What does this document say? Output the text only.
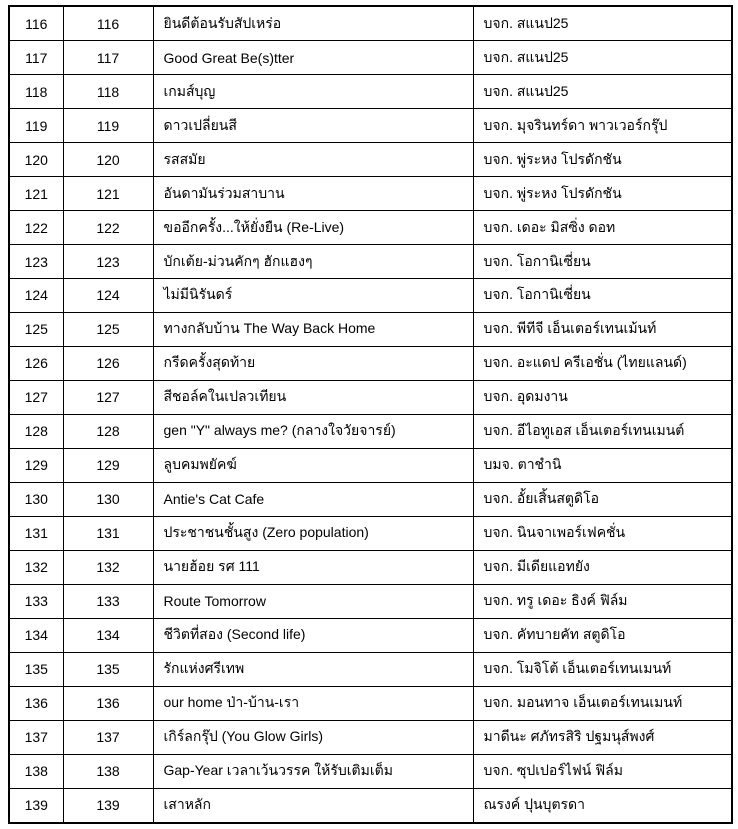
116	116	ยินดีต้อนรับสัปเหร่อ	บจก. สแนป25
117	117	Good Great Be(s)tter	บจก. สแนป25
118	118	เกมส์บุญ	บจก. สแนป25
119	119	ดาวเปลี่ยนสี	บจก. มุจรินทร์ดา พาวเวอร์กรุ๊ป
120	120	รสสมัย	บจก. พู่ระหง โปรดักชัน
121	121	อันดามันร่วมสาบาน	บจก. พู่ระหง โปรดักชัน
122	122	ขออีกครั้ง...ให้ยั่งยืน (Re-Live)	บจก. เดอะ มิสซิ่ง ดอท
123	123	บักเต้ย-ม่วนคักๆ ฮักแฮงๆ	บจก. โอกานิเซี่ยน
124	124	ไม่มีนิรันดร์	บจก. โอกานิเซี่ยน
125	125	ทางกลับบ้าน The Way Back Home	บจก. พีทีจี เอ็นเตอร์เทนเม้นท์
126	126	กรีดครั้งสุดท้าย	บจก. อะแดป ครีเอชั่น (ไทยแลนด์)
127	127	สีชอล์คในเปลวเทียน	บจก. อุดมงาน
128	128	gen "Y" always me? (กลางใจวัยจารย์)	บจก. อีไอทูเอส เอ็นเตอร์เทนเมนต์
129	129	ลูบคมพยัคฆ์	บมจ. ตาชำนิ
130	130	Antie's Cat Cafe	บจก. อั้ยเสิ้นสตูดิโอ
131	131	ประชาชนชั้นสูง (Zero population)	บจก. นินจาเพอร์เฟคชั่น
132	132	นายฮ้อย รศ 111	บจก. มีเดียแอทยัง
133	133	Route Tomorrow	บจก. ทรู เดอะ ธิงค์ ฟิล์ม
134	134	ชีวิตที่สอง (Second life)	บจก. คัทบายคัท สตูดิโอ
135	135	รักแห่งศรีเทพ	บจก. โมจิโต้ เอ็นเตอร์เทนเมนท์
136	136	our home ป่า-บ้าน-เรา	บจก. มอนทาจ เอ็นเตอร์เทนเมนท์
137	137	เกิร์ลกรุ๊ป (You Glow Girls)	มาดีนะ ศภัทรสิริ ปฐมนุส์พงศ์
138	138	Gap-Year เวลาเว้นวรรค ให้รับเติมเต็ม	บจก. ซุปเปอร์ไฟน์ ฟิล์ม
139	139	เสาหลัก	ณรงค์ ปุนบุตรดา
